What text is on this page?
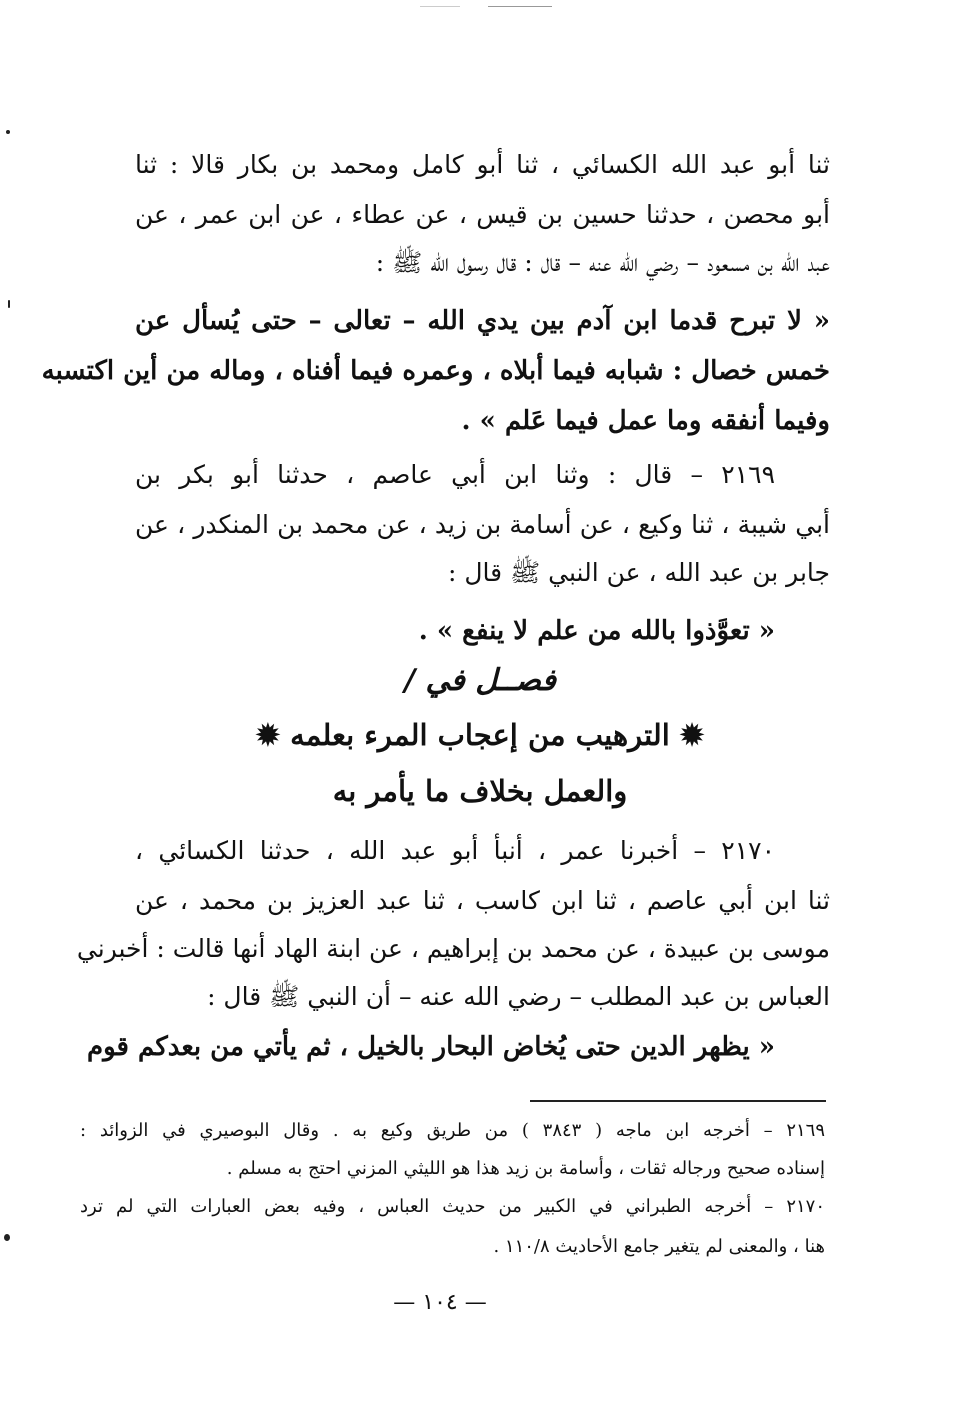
ثنا أبو عبد الله الكسائي ، ثنا أبو كامل ومحمد بن بكار قالا : ثنا
أبو محصن ، حدثنا حسين بن قيس ، عن عطاء ، عن ابن عمر ، عن
عبد الله بن مسعود – رضي الله عنه – قال : قال رسول الله ﷺ :
« لا تبرح قدما ابن آدم بين يدي الله – تعالى – حتى يُسأل عن
خمس خصال : شبابه فيما أبلاه ، وعمره فيما أفناه ، وماله من أين اكتسبه
وفيما أنفقه وما عمل فيما عَلم » .
٢١٦٩ – قال : وثنا ابن أبي عاصم ، حدثنا أبو بكر بن
أبي شيبة ، ثنا وكيع ، عن أسامة بن زيد ، عن محمد بن المنكدر ، عن
جابر بن عبد الله ، عن النبي ﷺ قال :
« تعوَّذوا بالله من علم لا ينفع » .
فصــل في /
✹ الترهيب من إعجاب المرء بعلمه ✹
والعمل بخلاف ما يأمر به
٢١٧٠ – أخبرنا عمر ، أنبأ أبو عبد الله ، حدثنا الكسائي ،
ثنا ابن أبي عاصم ، ثنا ابن كاسب ، ثنا عبد العزيز بن محمد ، عن
موسى بن عبيدة ، عن محمد بن إبراهيم ، عن ابنة الهاد أنها قالت : أخبرني
العباس بن عبد المطلب – رضي الله عنه – أن النبي ﷺ قال :
« يظهر الدين حتى يُخاض البحار بالخيل ، ثم يأتي من بعدكم قوم
٢١٦٩ – أخرجه ابن ماجه ( ٣٨٤٣ ) من طريق وكيع به . وقال البوصيري في الزوائد :
إسناده صحيح ورجاله ثقات ، وأسامة بن زيد هذا هو الليثي المزني احتج به مسلم .
٢١٧٠ – أخرجه الطبراني في الكبير من حديث العباس ، وفيه بعض العبارات التي لم ترد
هنا ، والمعنى لم يتغير جامع الأحاديث ١١٠/٨ .
— ١٠٤ —
